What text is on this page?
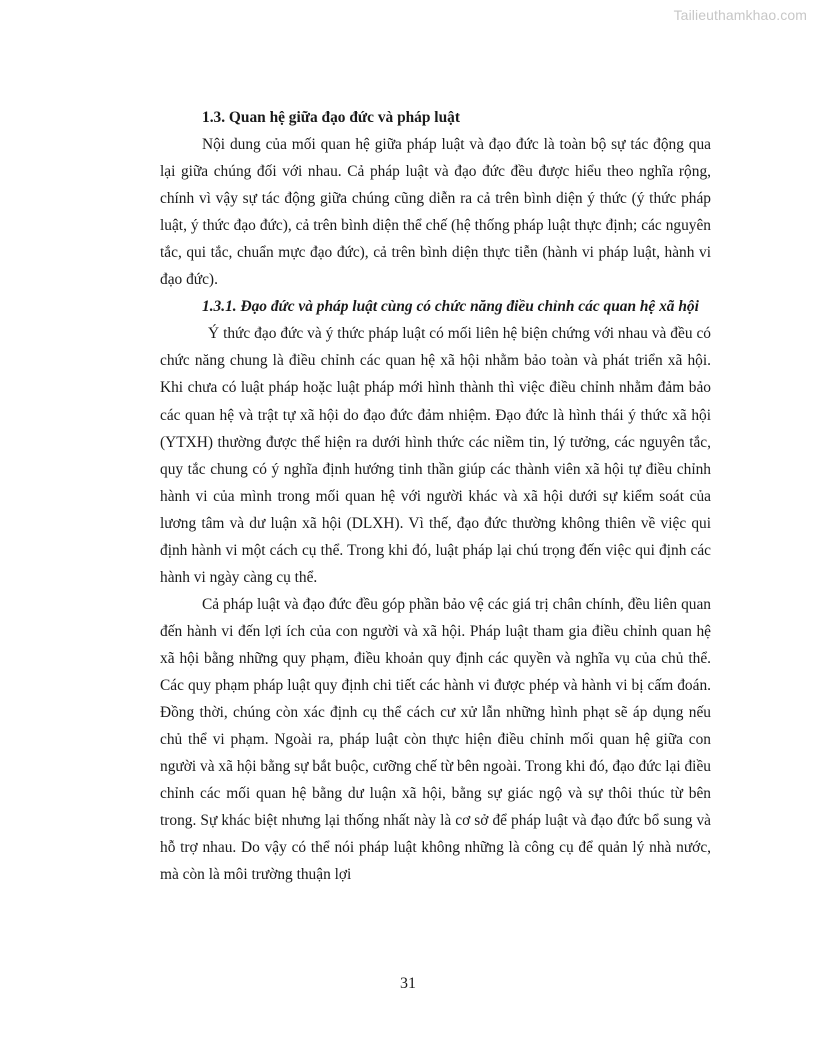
Tailieuthamkhao.com

1.3. Quan hệ giữa đạo đức và pháp luật

Nội dung của mối quan hệ giữa pháp luật và đạo đức là toàn bộ sự tác động qua lại giữa chúng đối với nhau. Cả pháp luật và đạo đức đều được hiểu theo nghĩa rộng, chính vì vậy sự tác động giữa chúng cũng diễn ra cả trên bình diện ý thức (ý thức pháp luật, ý thức đạo đức), cả trên bình diện thể chế (hệ thống pháp luật thực định; các nguyên tắc, qui tắc, chuẩn mực đạo đức), cả trên bình diện thực tiễn (hành vi pháp luật, hành vi đạo đức).

1.3.1. Đạo đức và pháp luật cùng có chức năng điều chỉnh các quan hệ xã hội

Ý thức đạo đức và ý thức pháp luật có mối liên hệ biện chứng với nhau và đều có chức năng chung là điều chỉnh các quan hệ xã hội nhằm bảo toàn và phát triển xã hội. Khi chưa có luật pháp hoặc luật pháp mới hình thành thì việc điều chỉnh nhằm đảm bảo các quan hệ và trật tự xã hội do đạo đức đảm nhiệm. Đạo đức là hình thái ý thức xã hội (YTXH) thường được thể hiện ra dưới hình thức các niềm tin, lý tưởng, các nguyên tắc, quy tắc chung có ý nghĩa định hướng tinh thần giúp các thành viên xã hội tự điều chỉnh hành vi của mình trong mối quan hệ với người khác và xã hội dưới sự kiểm soát của lương tâm và dư luận xã hội (DLXH). Vì thế, đạo đức thường không thiên về việc qui định hành vi một cách cụ thể. Trong khi đó, luật pháp lại chú trọng đến việc qui định các hành vi ngày càng cụ thể.

Cả pháp luật và đạo đức đều góp phần bảo vệ các giá trị chân chính, đều liên quan đến hành vi đến lợi ích của con người và xã hội. Pháp luật tham gia điều chỉnh quan hệ xã hội bằng những quy phạm, điều khoản quy định các quyền và nghĩa vụ của chủ thể. Các quy phạm pháp luật quy định chi tiết các hành vi được phép và hành vi bị cấm đoán. Đồng thời, chúng còn xác định cụ thể cách cư xử lẫn những hình phạt sẽ áp dụng nếu chủ thể vi phạm. Ngoài ra, pháp luật còn thực hiện điều chỉnh mối quan hệ giữa con người và xã hội bằng sự bắt buộc, cưỡng chế từ bên ngoài. Trong khi đó, đạo đức lại điều chỉnh các mối quan hệ bằng dư luận xã hội, bằng sự giác ngộ và sự thôi thúc từ bên trong. Sự khác biệt nhưng lại thống nhất này là cơ sở để pháp luật và đạo đức bổ sung và hỗ trợ nhau. Do vậy có thể nói pháp luật không những là công cụ để quản lý nhà nước, mà còn là môi trường thuận lợi

31
